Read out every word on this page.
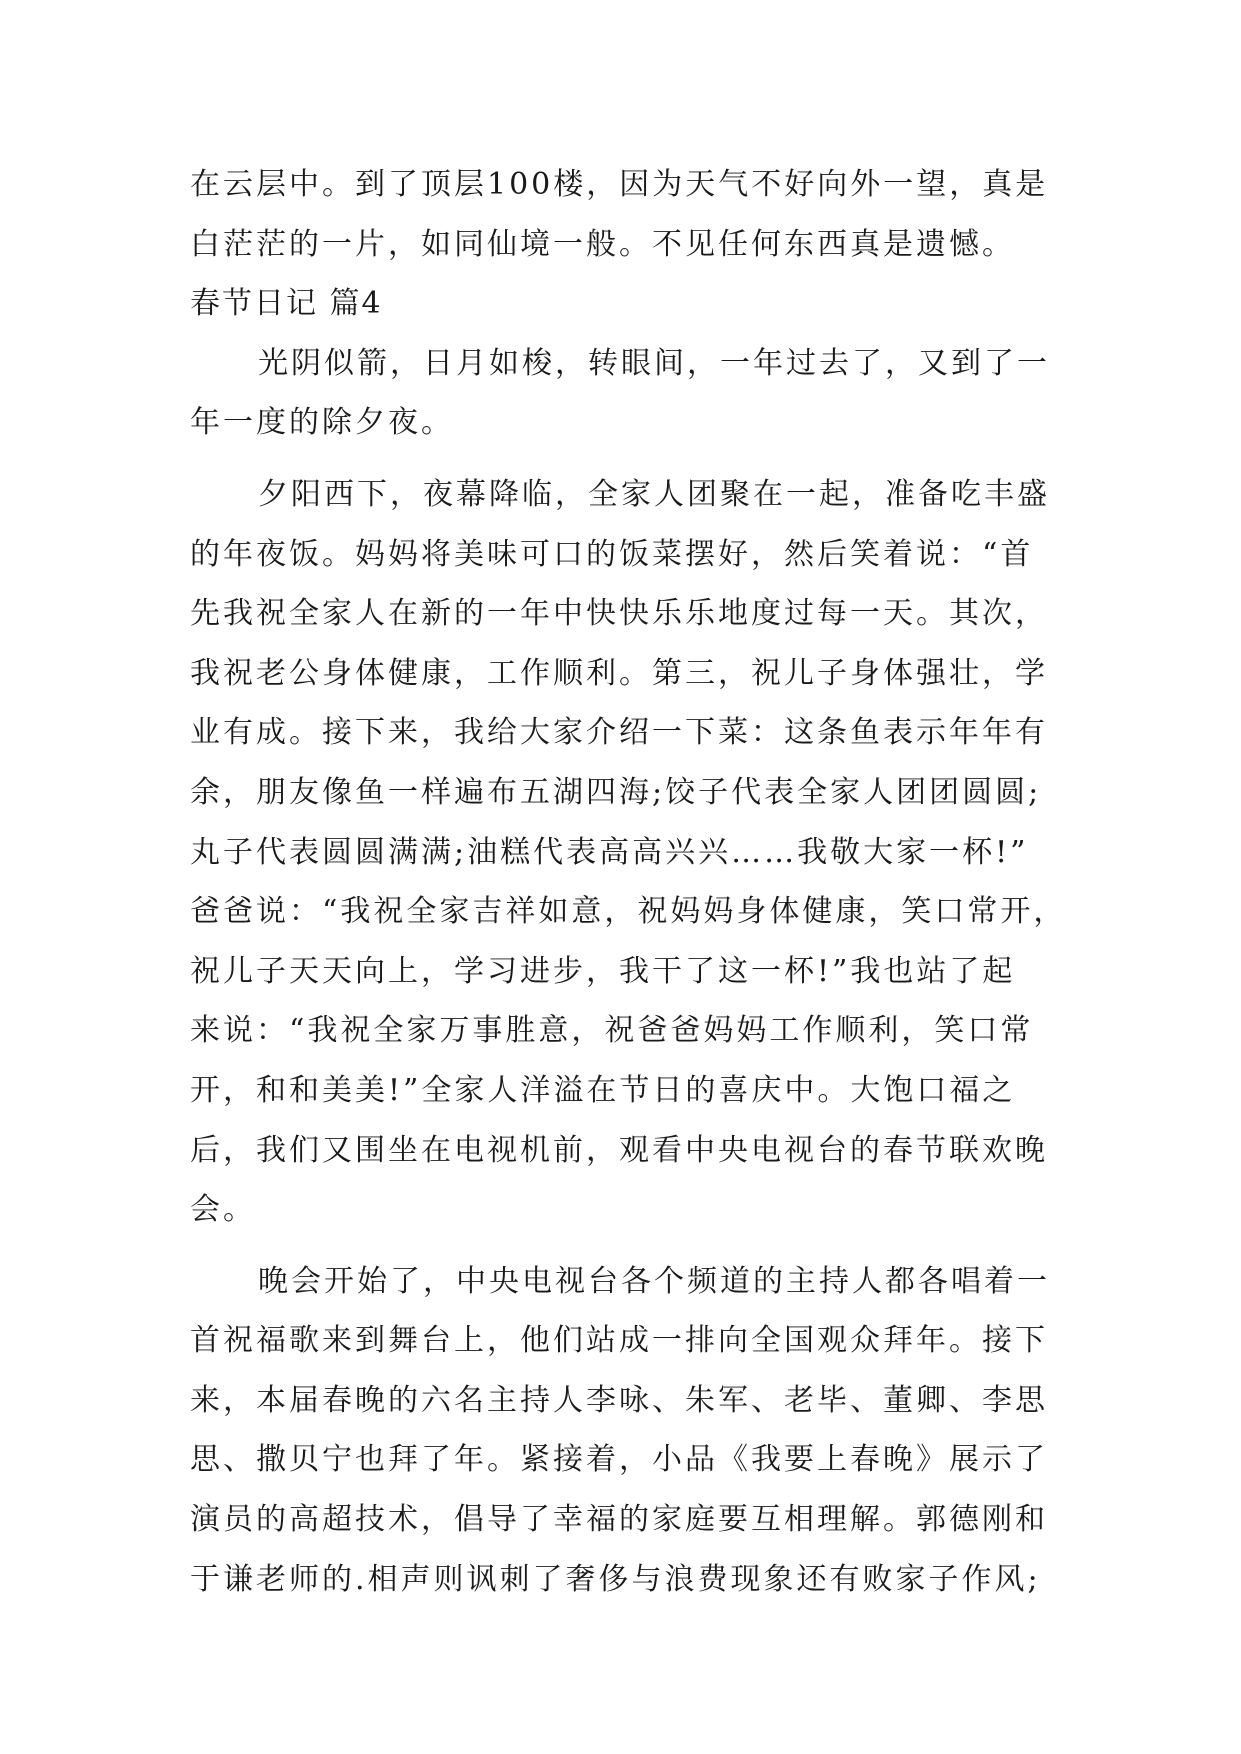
在云层中。到了顶层100楼，因为天气不好向外一望，真是
白茫茫的一片，如同仙境一般。不见任何东西真是遗憾。
春节日记 篇4
光阴似箭，日月如梭，转眼间，一年过去了，又到了一
年一度的除夕夜。
夕阳西下，夜幕降临，全家人团聚在一起，准备吃丰盛
的年夜饭。妈妈将美味可口的饭菜摆好，然后笑着说：“首
先我祝全家人在新的一年中快快乐乐地度过每一天。其次，
我祝老公身体健康，工作顺利。第三，祝儿子身体强壮，学
业有成。接下来，我给大家介绍一下菜：这条鱼表示年年有
余，朋友像鱼一样遍布五湖四海;饺子代表全家人团团圆圆;
丸子代表圆圆满满;油糕代表高高兴兴……我敬大家一杯!”
爸爸说：“我祝全家吉祥如意，祝妈妈身体健康，笑口常开，
祝儿子天天向上，学习进步，我干了这一杯!”我也站了起
来说：“我祝全家万事胜意，祝爸爸妈妈工作顺利，笑口常
开，和和美美!”全家人洋溢在节日的喜庆中。大饱口福之
后，我们又围坐在电视机前，观看中央电视台的春节联欢晚
会。
晚会开始了，中央电视台各个频道的主持人都各唱着一
首祝福歌来到舞台上，他们站成一排向全国观众拜年。接下
来，本届春晚的六名主持人李咏、朱军、老毕、董卿、李思
思、撒贝宁也拜了年。紧接着，小品《我要上春晚》展示了
演员的高超技术，倡导了幸福的家庭要互相理解。郭德刚和
于谦老师的.相声则讽刺了奢侈与浪费现象还有败家子作风;
